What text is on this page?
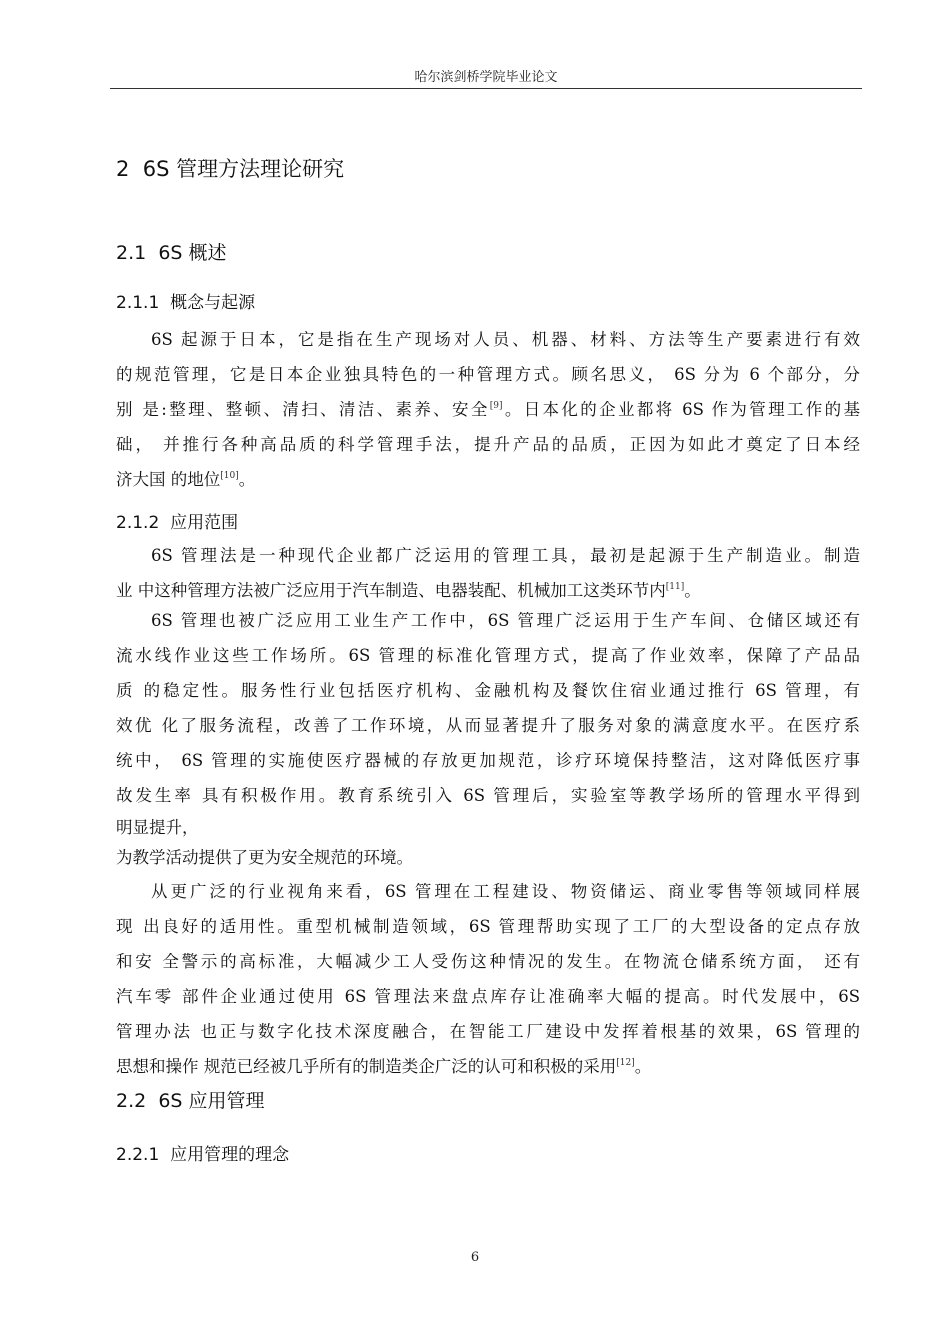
哈尔滨剑桥学院毕业论文
2 6S 管理方法理论研究
2.1 6S 概述
2.1.1 概念与起源
6S 起源于日本，它是指在生产现场对人员、机器、材料、方法等生产要素进行有效
的规范管理，它是日本企业独具特色的一种管理方式。顾名思义， 6S 分为 6 个部分，分
别 是:整理、整顿、清扫、清洁、素养、安全[9]。日本化的企业都将 6S 作为管理工作的基
础， 并推行各种高品质的科学管理手法，提升产品的品质，正因为如此才奠定了日本经
济大国 的地位[10]。
2.1.2 应用范围
6S 管理法是一种现代企业都广泛运用的管理工具，最初是起源于生产制造业。制造
业 中这种管理方法被广泛应用于汽车制造、电器装配、机械加工这类环节内[11]。
6S 管理也被广泛应用工业生产工作中，6S 管理广泛运用于生产车间、仓储区域还有
流水线作业这些工作场所。6S 管理的标准化管理方式，提高了作业效率，保障了产品品
质 的稳定性。服务性行业包括医疗机构、金融机构及餐饮住宿业通过推行 6S 管理，有
效优 化了服务流程，改善了工作环境，从而显著提升了服务对象的满意度水平。在医疗系
统中， 6S 管理的实施使医疗器械的存放更加规范，诊疗环境保持整洁，这对降低医疗事
故发生率 具有积极作用。教育系统引入 6S 管理后，实验室等教学场所的管理水平得到
明显提升，
为教学活动提供了更为安全规范的环境。
从更广泛的行业视角来看，6S 管理在工程建设、物资储运、商业零售等领域同样展
现 出良好的适用性。重型机械制造领域，6S 管理帮助实现了工厂的大型设备的定点存放
和安 全警示的高标准，大幅减少工人受伤这种情况的发生。在物流仓储系统方面， 还有
汽车零 部件企业通过使用 6S 管理法来盘点库存让准确率大幅的提高。时代发展中，6S
管理办法 也正与数字化技术深度融合，在智能工厂建设中发挥着根基的效果，6S 管理的
思想和操作 规范已经被几乎所有的制造类企广泛的认可和积极的采用[12]。
2.2 6S 应用管理
2.2.1 应用管理的理念
6
